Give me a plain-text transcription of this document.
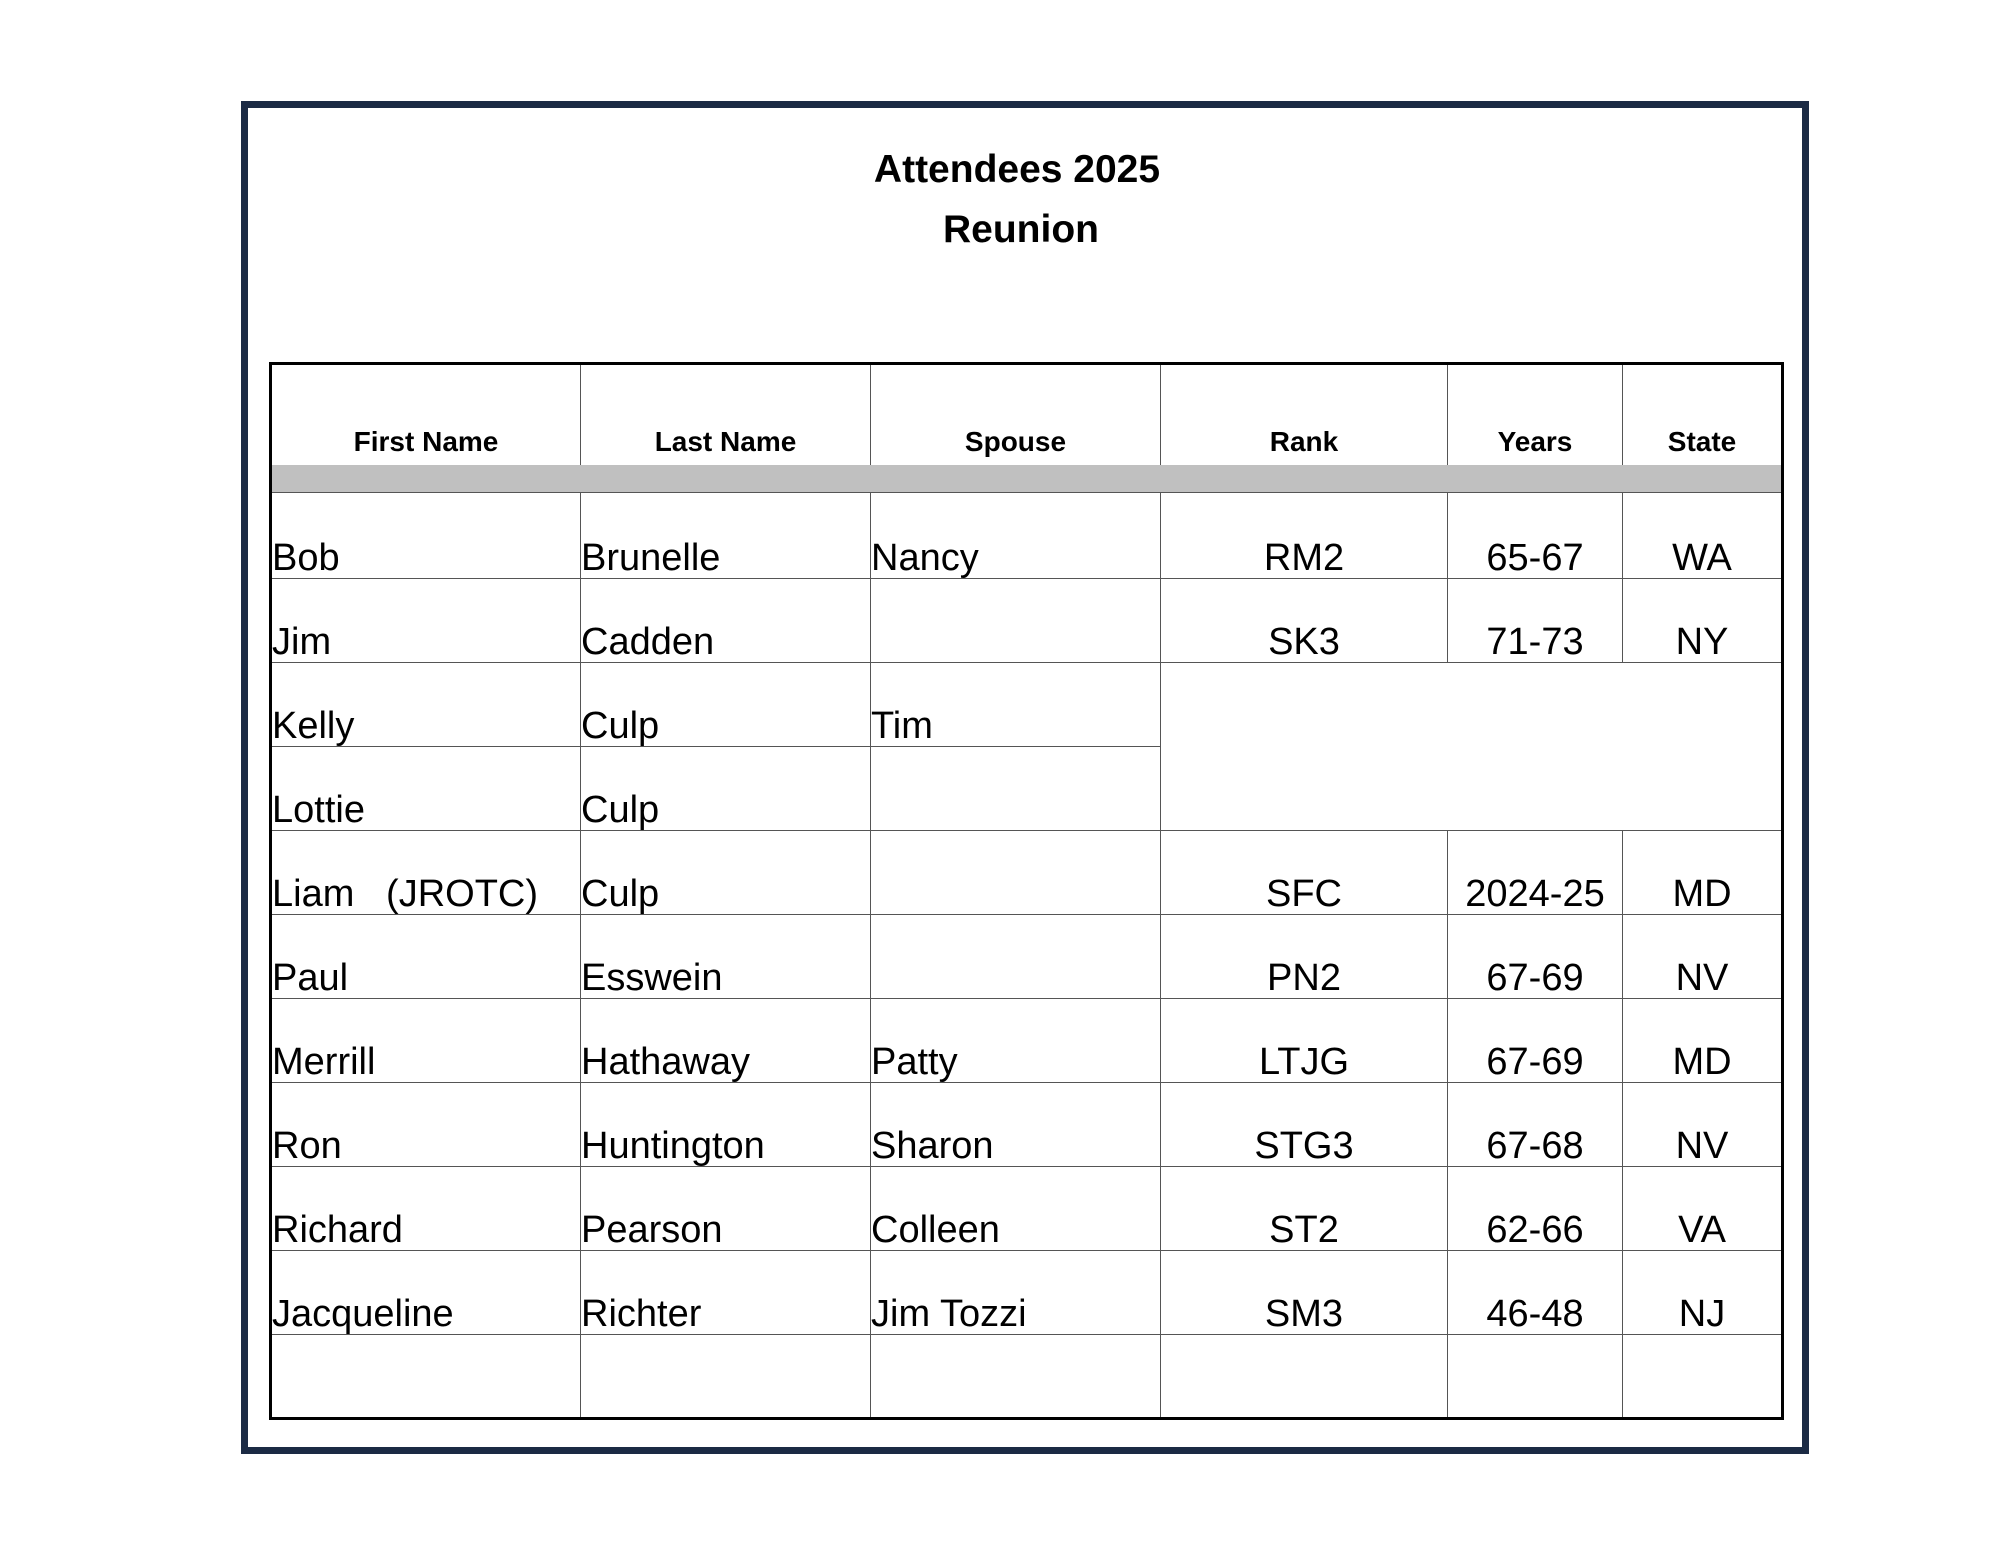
Attendees 2025
Reunion
First Name	Last Name	Spouse	Rank	Years	State

Bob	Brunelle	Nancy	RM2	65-67	WA
Jim	Cadden		SK3	71-73	NY
Kelly	Culp	Tim			
Lottie	Culp				
Liam   (JROTC)	Culp		SFC	2024-25	MD
Paul	Esswein		PN2	67-69	NV
Merrill	Hathaway	Patty	LTJG	67-69	MD
Ron	Huntington	Sharon	STG3	67-68	NV
Richard	Pearson	Colleen	ST2	62-66	VA
Jacqueline	Richter	Jim Tozzi	SM3	46-48	NJ
